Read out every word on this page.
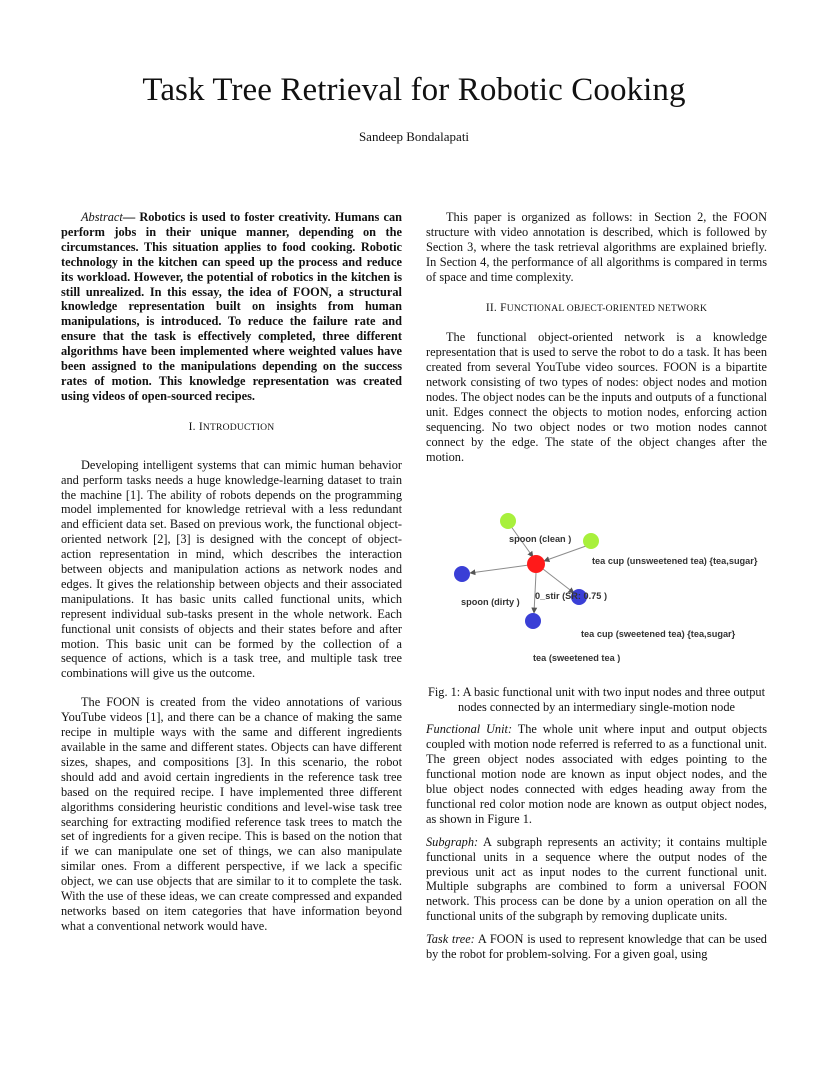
Task Tree Retrieval for Robotic Cooking
Sandeep Bondalapati

Abstract— Robotics is used to foster creativity. Humans can perform jobs in their unique manner, depending on the circumstances. This situation applies to food cooking. Robotic technology in the kitchen can speed up the process and reduce its workload. However, the potential of robotics in the kitchen is still unrealized. In this essay, the idea of FOON, a structural knowledge representation built on insights from human manipulations, is introduced. To reduce the failure rate and ensure that the task is effectively completed, three different algorithms have been implemented where weighted values have been assigned to the manipulations depending on the success rates of motion. This knowledge representation was created using videos of open-sourced recipes.

I. INTRODUCTION

Developing intelligent systems that can mimic human behavior and perform tasks needs a huge knowledge-learning dataset to train the machine [1]. The ability of robots depends on the programming model implemented for knowledge retrieval with a less redundant and efficient data set. Based on previous work, the functional object-oriented network [2], [3] is designed with the concept of object-action representation in mind, which describes the interaction between objects and manipulation actions as network nodes and edges. It gives the relationship between objects and their associated manipulations. It has basic units called functional units, which represent individual sub-tasks present in the whole network. Each functional unit consists of objects and their states before and after motion. This basic unit can be formed by the collection of a sequence of actions, which is a task tree, and multiple task tree combinations will give us the outcome.

The FOON is created from the video annotations of various YouTube videos [1], and there can be a chance of making the same recipe in multiple ways with the same and different ingredients available in the same and different states. Objects can have different sizes, shapes, and compositions [3]. In this scenario, the robot should add and avoid certain ingredients in the reference task tree based on the required recipe. I have implemented three different algorithms considering heuristic conditions and level-wise task tree searching for extracting modified reference task trees to match the set of ingredients for a given recipe. This is based on the notion that if we can manipulate one set of things, we can also manipulate similar ones. From a different perspective, if we lack a specific object, we can use objects that are similar to it to complete the task. With the use of these ideas, we can create compressed and expanded networks based on item categories that have information beyond what a conventional network would have.

This paper is organized as follows: in Section 2, the FOON structure with video annotation is described, which is followed by Section 3, where the task retrieval algorithms are explained briefly. In Section 4, the performance of all algorithms is compared in terms of space and time complexity.

II. FUNCTIONAL OBJECT-ORIENTED NETWORK

The functional object-oriented network is a knowledge representation that is used to serve the robot to do a task. It has been created from several YouTube video sources. FOON is a bipartite network consisting of two types of nodes: object nodes and motion nodes. The object nodes can be the inputs and outputs of a functional unit. Edges connect the objects to motion nodes, enforcing action sequencing. No two object nodes or two motion nodes cannot connect by the edge. The state of the object changes after the motion.

spoon (clean )
tea cup (unsweetened tea) {tea,sugar}
0_stir (SR: 0.75 )
spoon (dirty )
tea cup (sweetened tea) {tea,sugar}
tea (sweetened tea )

Fig. 1: A basic functional unit with two input nodes and three output nodes connected by an intermediary single-motion node

Functional Unit: The whole unit where input and output objects coupled with motion node referred is referred to as a functional unit. The green object nodes associated with edges pointing to the functional motion node are known as input object nodes, and the blue object nodes connected with edges heading away from the functional red color motion node are known as output object nodes, as shown in Figure 1.

Subgraph: A subgraph represents an activity; it contains multiple functional units in a sequence where the output nodes of the previous unit act as input nodes to the current functional unit. Multiple subgraphs are combined to form a universal FOON network. This process can be done by a union operation on all the functional units of the subgraph by removing duplicate units.

Task tree: A FOON is used to represent knowledge that can be used by the robot for problem-solving. For a given goal, using
